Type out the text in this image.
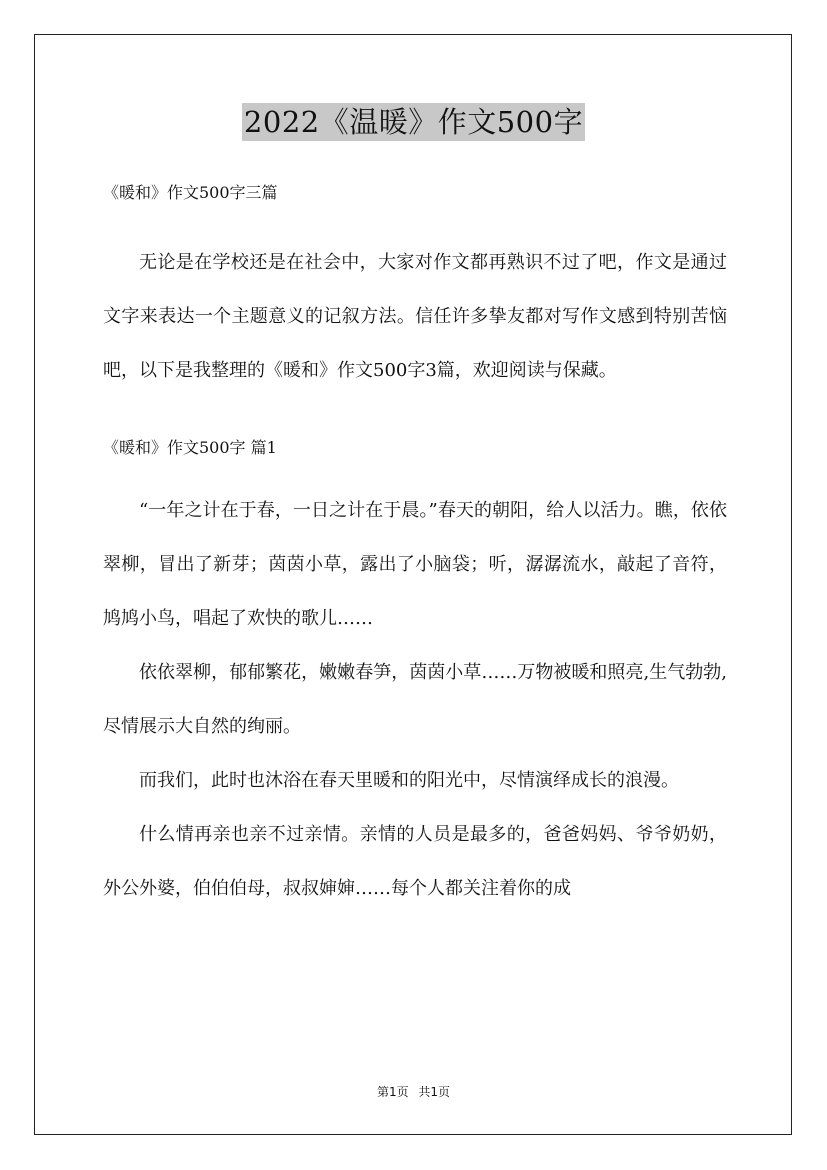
2022《温暖》作文500字

《暖和》作文500字三篇

无论是在学校还是在社会中，大家对作文都再熟识不过了吧，作文是通过文字来表达一个主题意义的记叙方法。信任许多挚友都对写作文感到特别苦恼吧，以下是我整理的《暖和》作文500字3篇，欢迎阅读与保藏。

《暖和》作文500字 篇1

“一年之计在于春，一日之计在于晨。”春天的朝阳，给人以活力。瞧，依依翠柳，冒出了新芽；茵茵小草，露出了小脑袋；听，潺潺流水，敲起了音符，鸠鸠小鸟，唱起了欢快的歌儿……

依依翠柳，郁郁繁花，嫩嫩春笋，茵茵小草……万物被暖和照亮,生气勃勃,尽情展示大自然的绚丽。

而我们，此时也沐浴在春天里暖和的阳光中，尽情演绎成长的浪漫。

什么情再亲也亲不过亲情。亲情的人员是最多的，爸爸妈妈、爷爷奶奶，外公外婆，伯伯伯母，叔叔婶婶……每个人都关注着你的成

第1页 共1页
